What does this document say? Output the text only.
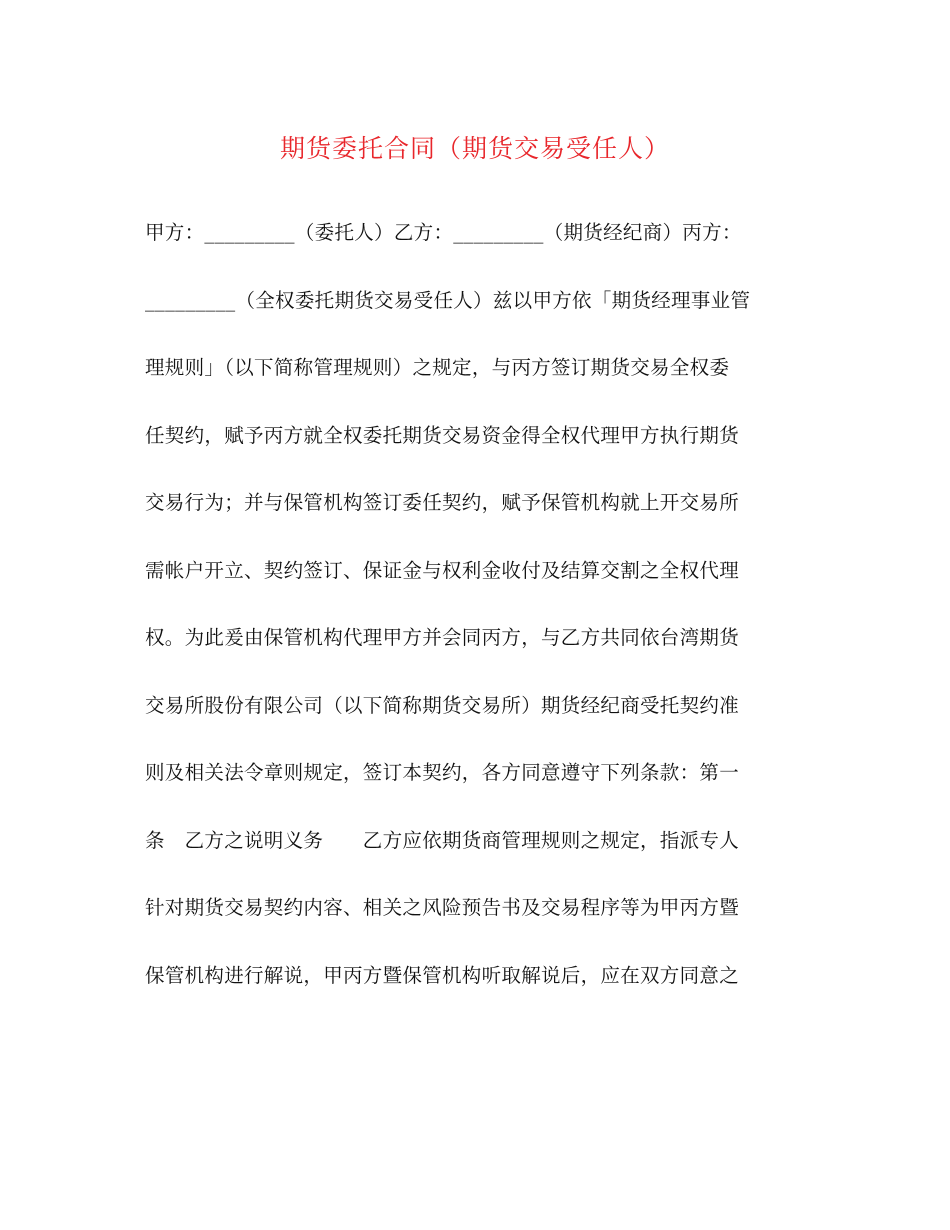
期货委托合同（期货交易受任人）
甲方：_________（委托人）乙方：_________（期货经纪商）丙方：
_________（全权委托期货交易受任人）兹以甲方依「期货经理事业管
理规则」（以下简称管理规则）之规定，与丙方签订期货交易全权委
任契约，赋予丙方就全权委托期货交易资金得全权代理甲方执行期货
交易行为；并与保管机构签订委任契约，赋予保管机构就上开交易所
需帐户开立、契约签订、保证金与权利金收付及结算交割之全权代理
权。为此爰由保管机构代理甲方并会同丙方，与乙方共同依台湾期货
交易所股份有限公司（以下简称期货交易所）期货经纪商受托契约准
则及相关法令章则规定，签订本契约，各方同意遵守下列条款：第一
条　乙方之说明义务　　乙方应依期货商管理规则之规定，指派专人
针对期货交易契约内容、相关之风险预告书及交易程序等为甲丙方暨
保管机构进行解说，甲丙方暨保管机构听取解说后，应在双方同意之
